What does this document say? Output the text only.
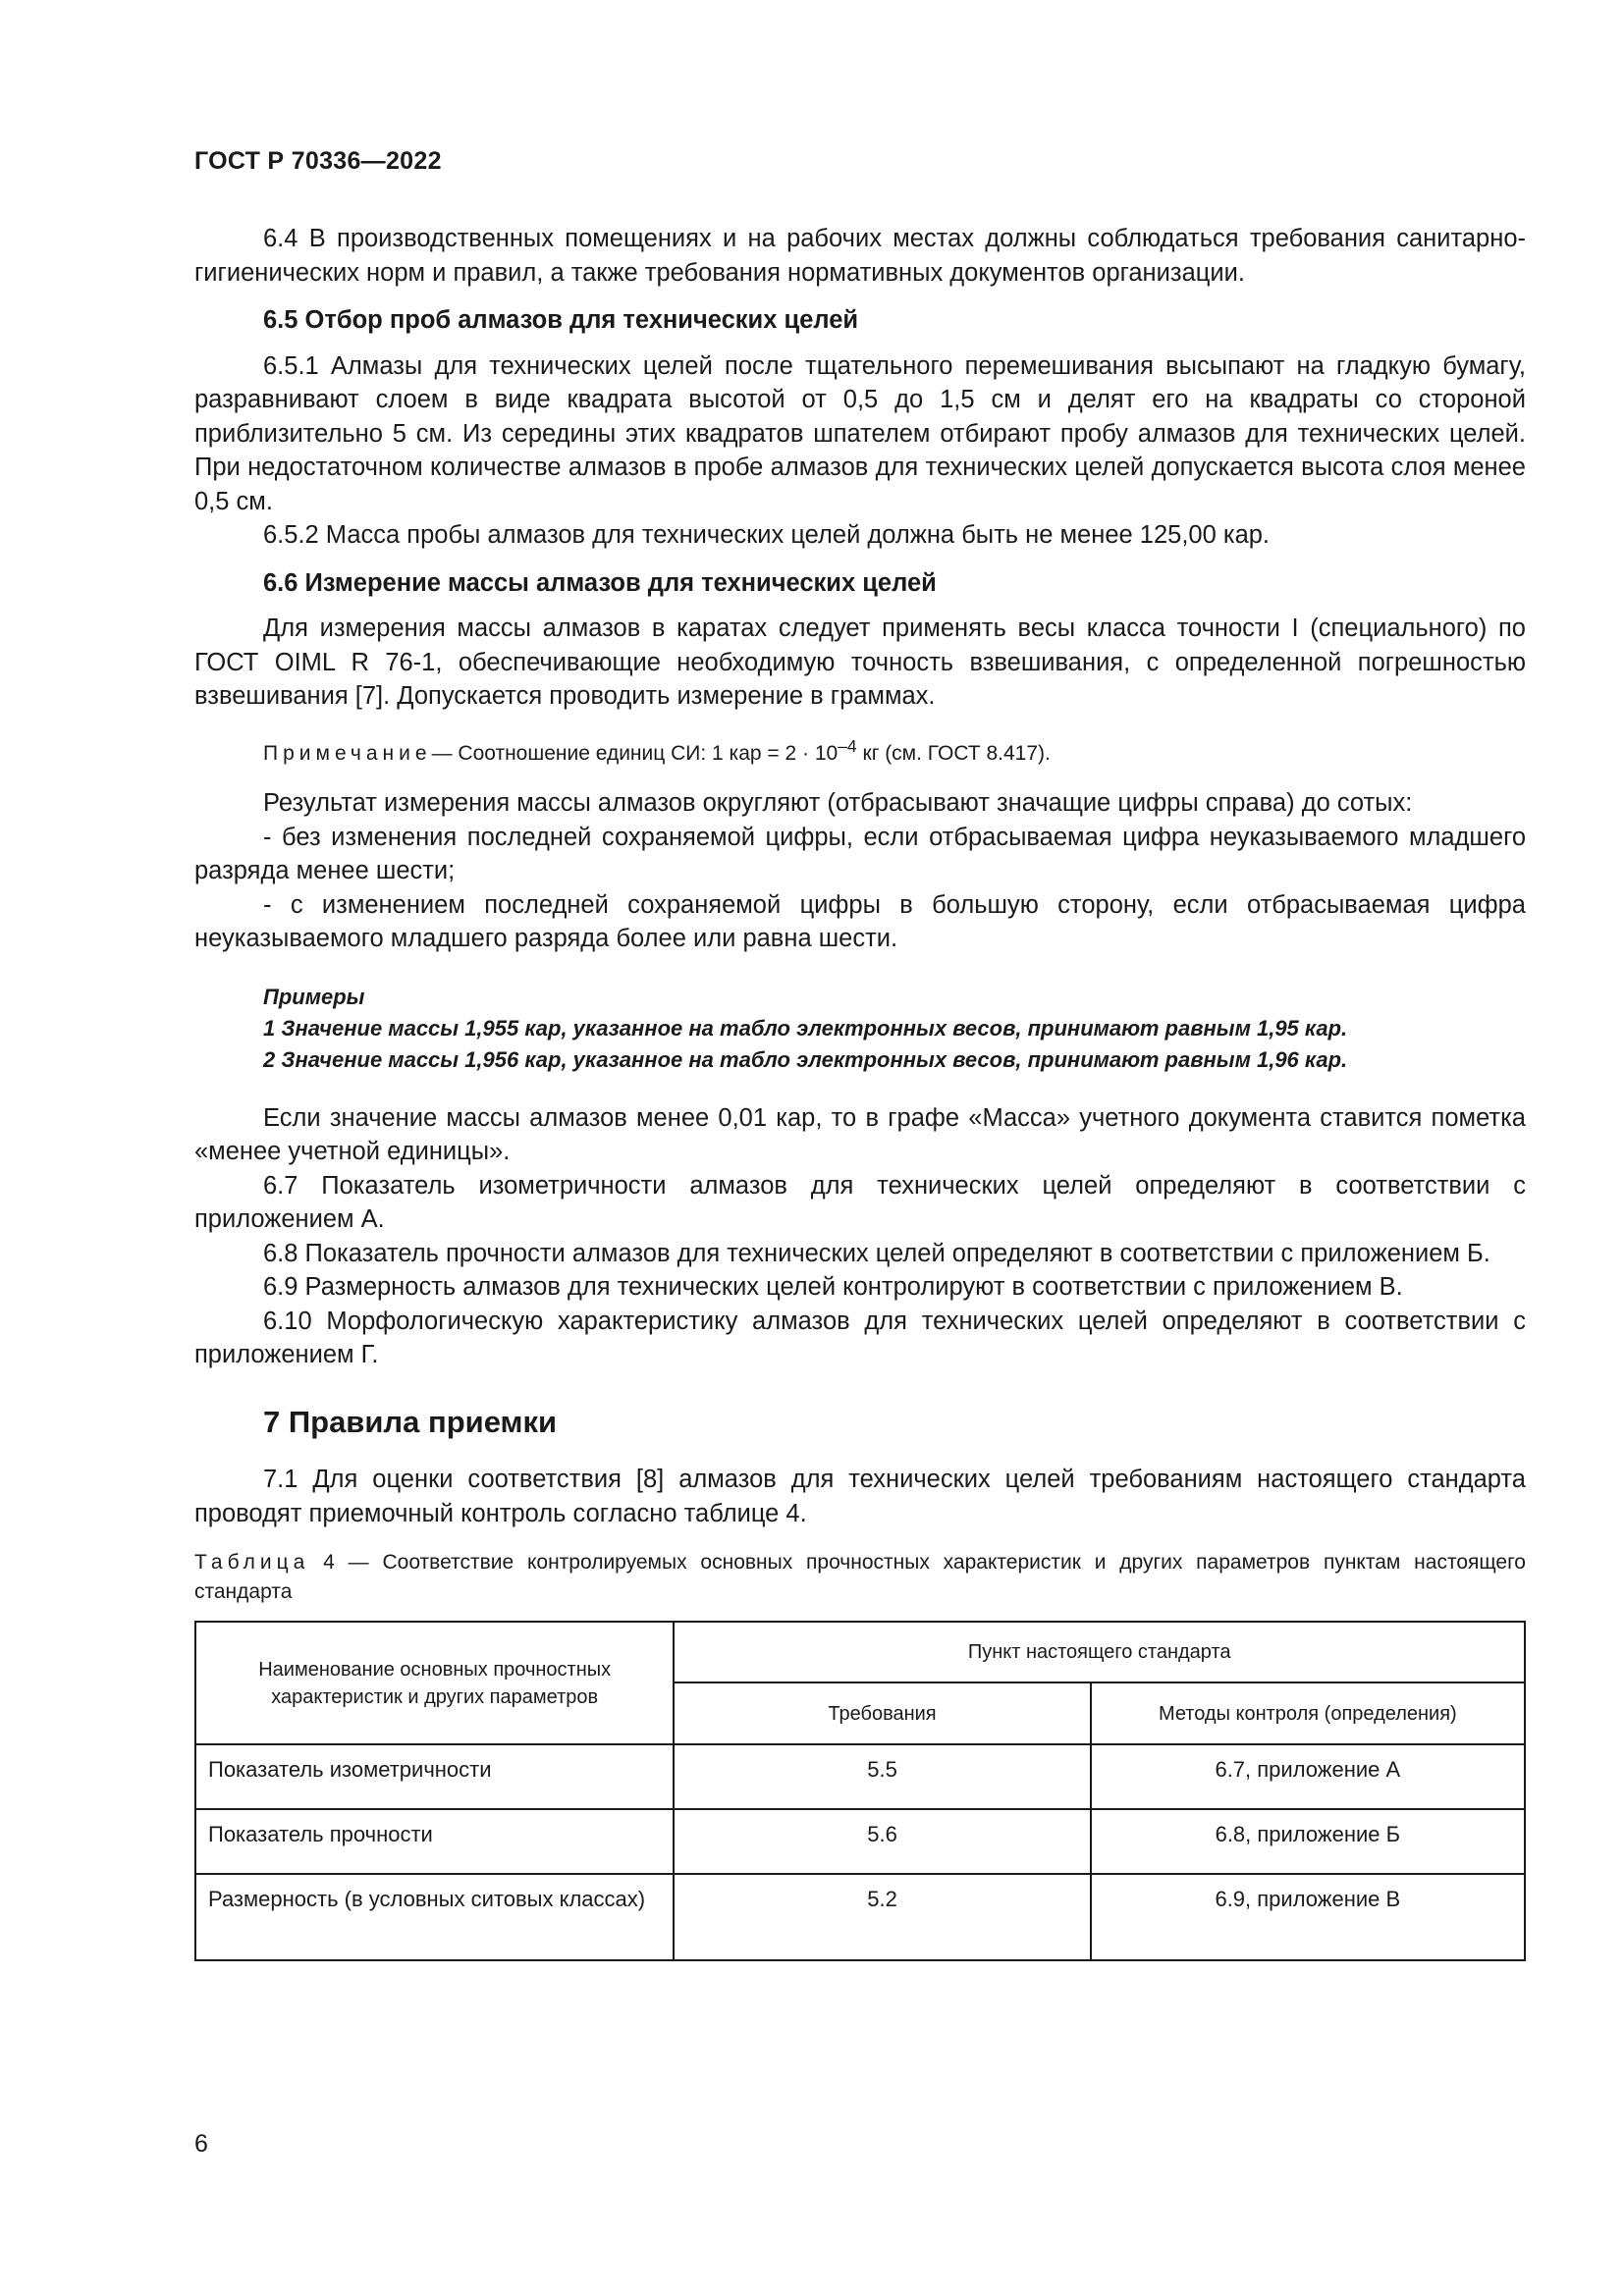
ГОСТ Р 70336—2022

6.4 В производственных помещениях и на рабочих местах должны соблюдаться требования санитарно-гигиенических норм и правил, а также требования нормативных документов организации.

6.5 Отбор проб алмазов для технических целей

6.5.1 Алмазы для технических целей после тщательного перемешивания высыпают на гладкую бумагу, разравнивают слоем в виде квадрата высотой от 0,5 до 1,5 см и делят его на квадраты со стороной приблизительно 5 см. Из середины этих квадратов шпателем отбирают пробу алмазов для технических целей. При недостаточном количестве алмазов в пробе алмазов для технических целей допускается высота слоя менее 0,5 см.

6.5.2 Масса пробы алмазов для технических целей должна быть не менее 125,00 кар.

6.6 Измерение массы алмазов для технических целей

Для измерения массы алмазов в каратах следует применять весы класса точности I (специального) по ГОСТ OIML R 76-1, обеспечивающие необходимую точность взвешивания, с определенной погрешностью взвешивания [7]. Допускается проводить измерение в граммах.

Примечание— Соотношение единиц СИ: 1 кар = $2 \cdot 10^{-4}$ кг (см. ГОСТ 8.417).

Результат измерения массы алмазов округляют (отбрасывают значащие цифры справа) до сотых:

- без изменения последней сохраняемой цифры, если отбрасываемая цифра неуказываемого младшего разряда менее шести;

- с изменением последней сохраняемой цифры в большую сторону, если отбрасываемая цифра неуказываемого младшего разряда более или равна шести.

Примеры

1 Значение массы 1,955 кар, указанное на табло электронных весов, принимают равным 1,95 кар.

2 Значение массы 1,956 кар, указанное на табло электронных весов, принимают равным 1,96 кар.

Если значение массы алмазов менее 0,01 кар, то в графе «Масса» учетного документа ставится пометка «менее учетной единицы».

6.7 Показатель изометричности алмазов для технических целей определяют в соответствии с приложением А.

6.8 Показатель прочности алмазов для технических целей определяют в соответствии с приложением Б.

6.9 Размерность алмазов для технических целей контролируют в соответствии с приложением В.

6.10 Морфологическую характеристику алмазов для технических целей определяют в соответствии с приложением Г.

7 Правила приемки

7.1 Для оценки соответствия [8] алмазов для технических целей требованиям настоящего стандарта проводят приемочный контроль согласно таблице 4.

Таблица 4 — Соответствие контролируемых основных прочностных характеристик и других параметров пунктам настоящего стандарта

Наименование основных прочностных характеристик и других параметров	Пункт настоящего стандарта	
	Требования	Методы контроля (определения)
Показатель изометричности	5.5	6.7, приложение А
Показатель прочности	5.6	6.8, приложение Б
Размерность (в условных ситовых классах)	5.2	6.9, приложение В
6
